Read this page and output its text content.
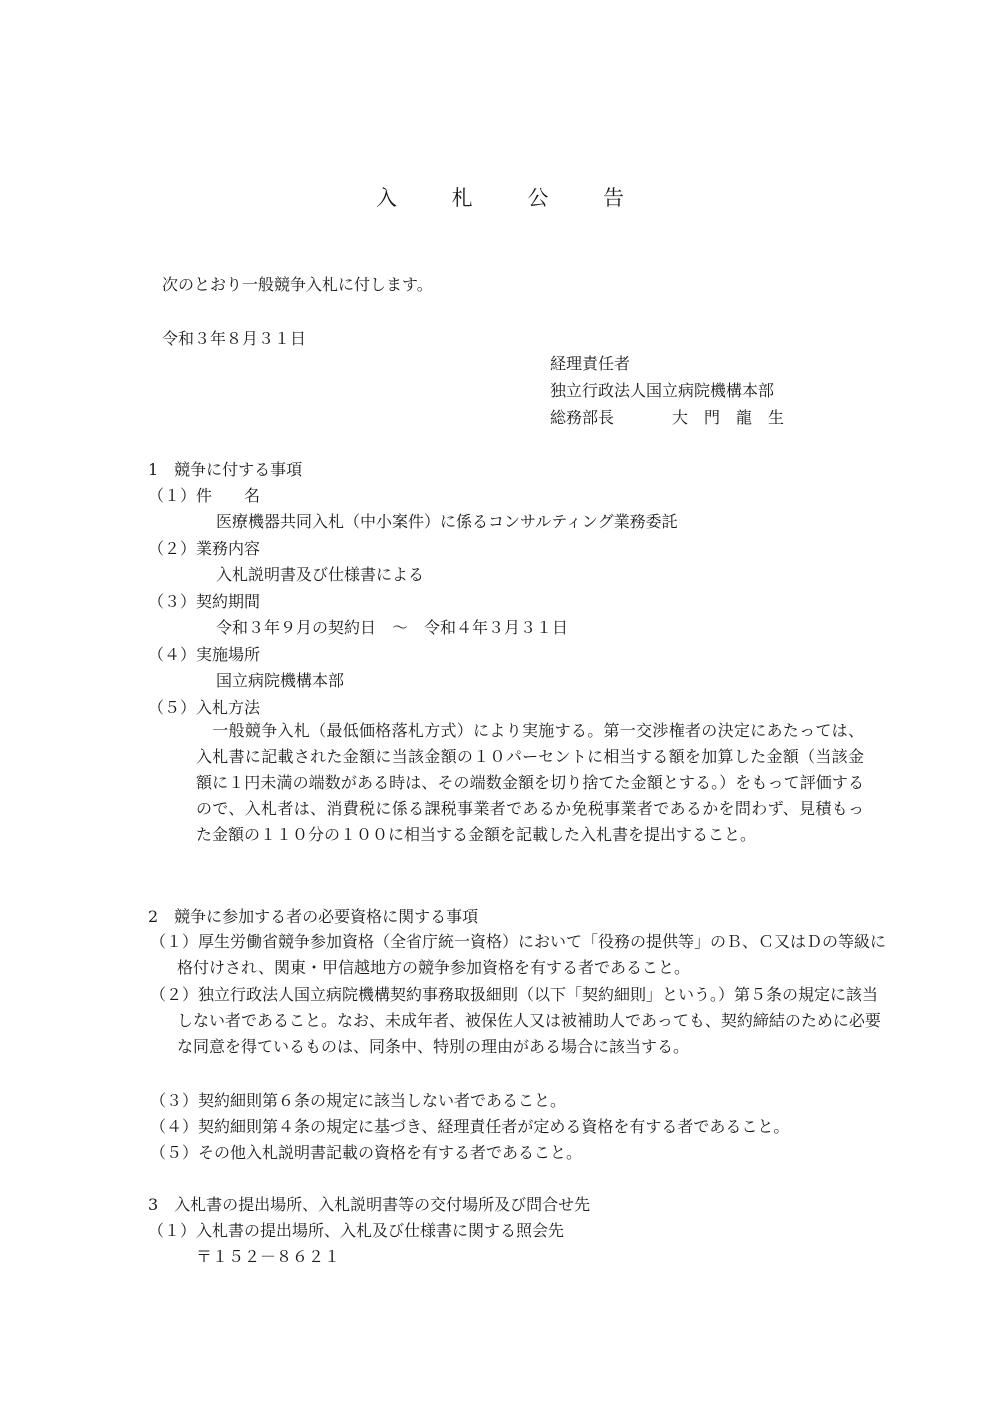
入 札 公 告
次のとおり一般競争入札に付します。
令和３年８月３１日
経理責任者
独立行政法人国立病院機構本部
総務部長	大　門　龍　生
1　競争に付する事項
（１）件　　名
医療機器共同入札（中小案件）に係るコンサルティング業務委託
（２）業務内容
入札説明書及び仕様書による
（３）契約期間
令和３年９月の契約日　～　令和４年３月３１日
（４）実施場所
国立病院機構本部
（５）入札方法
　一般競争入札（最低価格落札方式）により実施する。第一交渉権者の決定にあたっては、入札書に記載された金額に当該金額の１０パーセントに相当する額を加算した金額（当該金額に１円未満の端数がある時は、その端数金額を切り捨てた金額とする。）をもって評価するので、入札者は、消費税に係る課税事業者であるか免税事業者であるかを問わず、見積もった金額の１１０分の１００に相当する金額を記載した入札書を提出すること。
2　競争に参加する者の必要資格に関する事項
（１）厚生労働省競争参加資格（全省庁統一資格）において「役務の提供等」のＢ、Ｃ又はＤの等級に格付けされ、関東・甲信越地方の競争参加資格を有する者であること。
（２）独立行政法人国立病院機構契約事務取扱細則（以下「契約細則」という。）第５条の規定に該当しない者であること。なお、未成年者、被保佐人又は被補助人であっても、契約締結のために必要な同意を得ているものは、同条中、特別の理由がある場合に該当する。
（３）契約細則第６条の規定に該当しない者であること。
（４）契約細則第４条の規定に基づき、経理責任者が定める資格を有する者であること。
（５）その他入札説明書記載の資格を有する者であること。
3　入札書の提出場所、入札説明書等の交付場所及び問合せ先
（１）入札書の提出場所、入札及び仕様書に関する照会先
〒１５２－８６２１
